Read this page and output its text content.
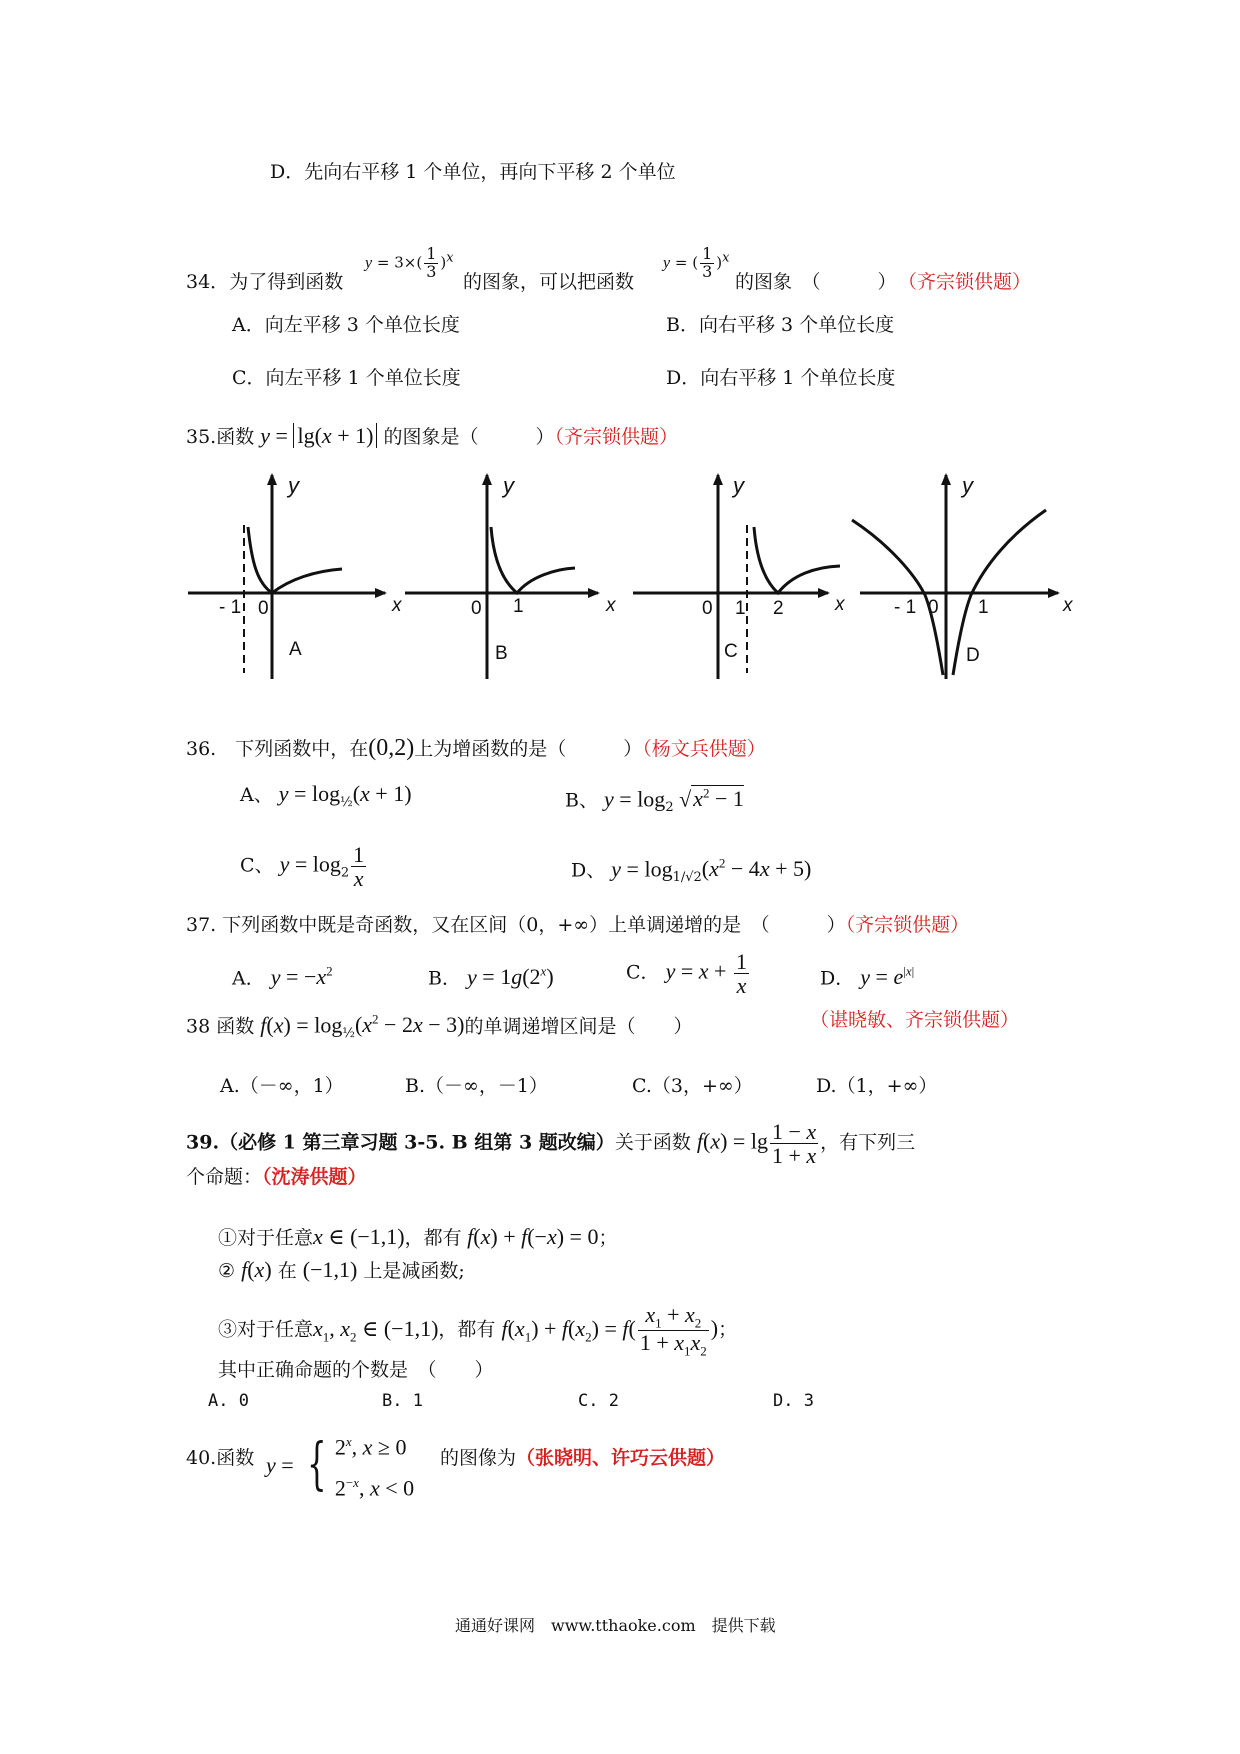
D．先向右平移 1 个单位，再向下平移 2 个单位
34．为了得到函数
$y = 3\times( \frac{1}{3} )^x$
的图象，可以把函数
y = ( $\frac{1}{3} )^x$
的图象　（　　　） （齐宗锁供题）
A．向左平移 3 个单位长度	B．向右平移 3 个单位长度
C．向左平移 1 个单位长度	D．向右平移 1 个单位长度
35.函数 y = lg(x + 1) 的图象是（　　　）（齐宗锁供题）
y
x
- 1 0
A
y
x
0 1
B
y
x
0 1 2
C
y
x
- 1 0 1
D
36.　 下列函数中，在(0,2)上为增函数的是（　　　）（杨文兵供题）
A、 $y = \log_{\frac{1}{2}}(x + 1)$	B、 $y = \log_2 √x^2 - 1$
C、 $y = \log_2 \frac{1}{x}$	D、 $y = \log_{1/√2}(x^2 - 4x + 5)$
37. 下列函数中既是奇函数，又在区间（0，+∞）上单调递增的是　（　　　）（齐宗锁供题）
A． $y = -x^2$	B． $y = 1g(2^x)$	C． $y = x + \frac{1}{x}$	D． $y = e^{|x|}$
38 函数 $f(x) = \log_{\frac{1}{2}}(x^2 - 2x - 3)$的单调递增区间是（　　）	（谌晓敏、齐宗锁供题）
A.（－∞，1）	B.（－∞，－1）	C.（3，+∞）	D.（1，+∞）
39.（必修 1 第三章习题 3-5. B 组第 3 题改编）关于函数 $f(x) = \lg \frac{1 - x}{1 + x}$ ，有下列三
个命题：（沈涛供题）
①对于任意x ∈ (−1,1)，都有 f(x) + f(−x) = 0；
② f(x) 在 (−1,1) 上是减函数;
③对于任意$x_1$, $x_2$ ∈ (−1,1)，都有 $f(x_1) + f(x_2) = f( \frac{x_1 + x_2}{1 + x_1x_2}$ )；
其中正确命题的个数是　（　　）
A. 0	B. 1	C. 2	D. 3
40.函数 y = { 2$^x$, x ≥ 0
$2^{-x}$, x < 0
的图像为（张晓明、许巧云供题）
通通好课网　www.tthaoke.com　提供下载
